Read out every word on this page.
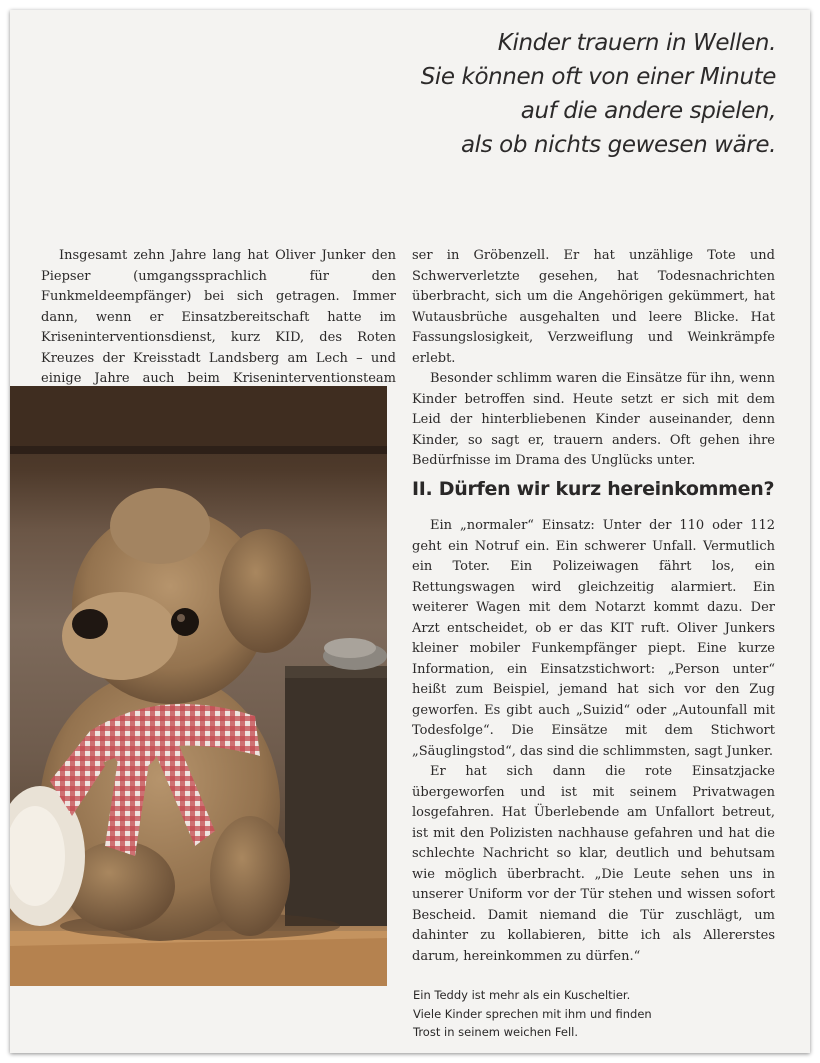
Kinder trauern in Wellen.
Sie können oft von einer Minute
auf die andere spielen,
als ob nichts gewesen wäre.

Insgesamt zehn Jahre lang hat Oliver Junker den Piepser (umgangssprachlich für den Funkmeldeempfänger) bei sich getragen. Immer dann, wenn er Einsatzbereitschaft hatte im Kriseninterventionsdienst, kurz KID, des Roten Kreuzes der Kreisstadt Landsberg am Lech – und einige Jahre auch beim Kriseninterventionsteam

ser in Gröbenzell. Er hat unzählige Tote und Schwerverletzte gesehen, hat Todesnachrichten überbracht, sich um die Angehörigen gekümmert, hat Wutausbrüche ausgehalten und leere Blicke. Hat Fassungslosigkeit, Verzweiflung und Weinkrämpfe erlebt.

Besonder schlimm waren die Einsätze für ihn, wenn Kinder betroffen sind. Heute setzt er sich mit dem Leid der hinterbliebenen Kinder auseinander, denn Kinder, so sagt er, trauern anders. Oft gehen ihre Bedürfnisse im Drama des Unglücks unter.

II. Dürfen wir kurz hereinkommen?

Ein „normaler“ Einsatz: Unter der 110 oder 112 geht ein Notruf ein. Ein schwerer Unfall. Vermutlich ein Toter. Ein Polizeiwagen fährt los, ein Rettungswagen wird gleichzeitig alarmiert. Ein weiterer Wagen mit dem Notarzt kommt dazu. Der Arzt entscheidet, ob er das KIT ruft. Oliver Junkers kleiner mobiler Funkempfänger piept. Eine kurze Information, ein Einsatzstichwort: „Person unter“ heißt zum Beispiel, jemand hat sich vor den Zug geworfen. Es gibt auch „Suizid“ oder „Autounfall mit Todesfolge“. Die Einsätze mit dem Stichwort „Säuglingstod“, das sind die schlimmsten, sagt Junker.

Er hat sich dann die rote Einsatzjacke übergeworfen und ist mit seinem Privatwagen losgefahren. Hat Überlebende am Unfallort betreut, ist mit den Polizisten nachhause gefahren und hat die schlechte Nachricht so klar, deutlich und behutsam wie möglich überbracht. „Die Leute sehen uns in unserer Uniform vor der Tür stehen und wissen sofort Bescheid. Damit niemand die Tür zuschlägt, um dahinter zu kollabieren, bitte ich als Allererstes darum, hereinkommen zu dürfen.“

Ein Teddy ist mehr als ein Kuscheltier.
Viele Kinder sprechen mit ihm und finden
Trost in seinem weichen Fell.
